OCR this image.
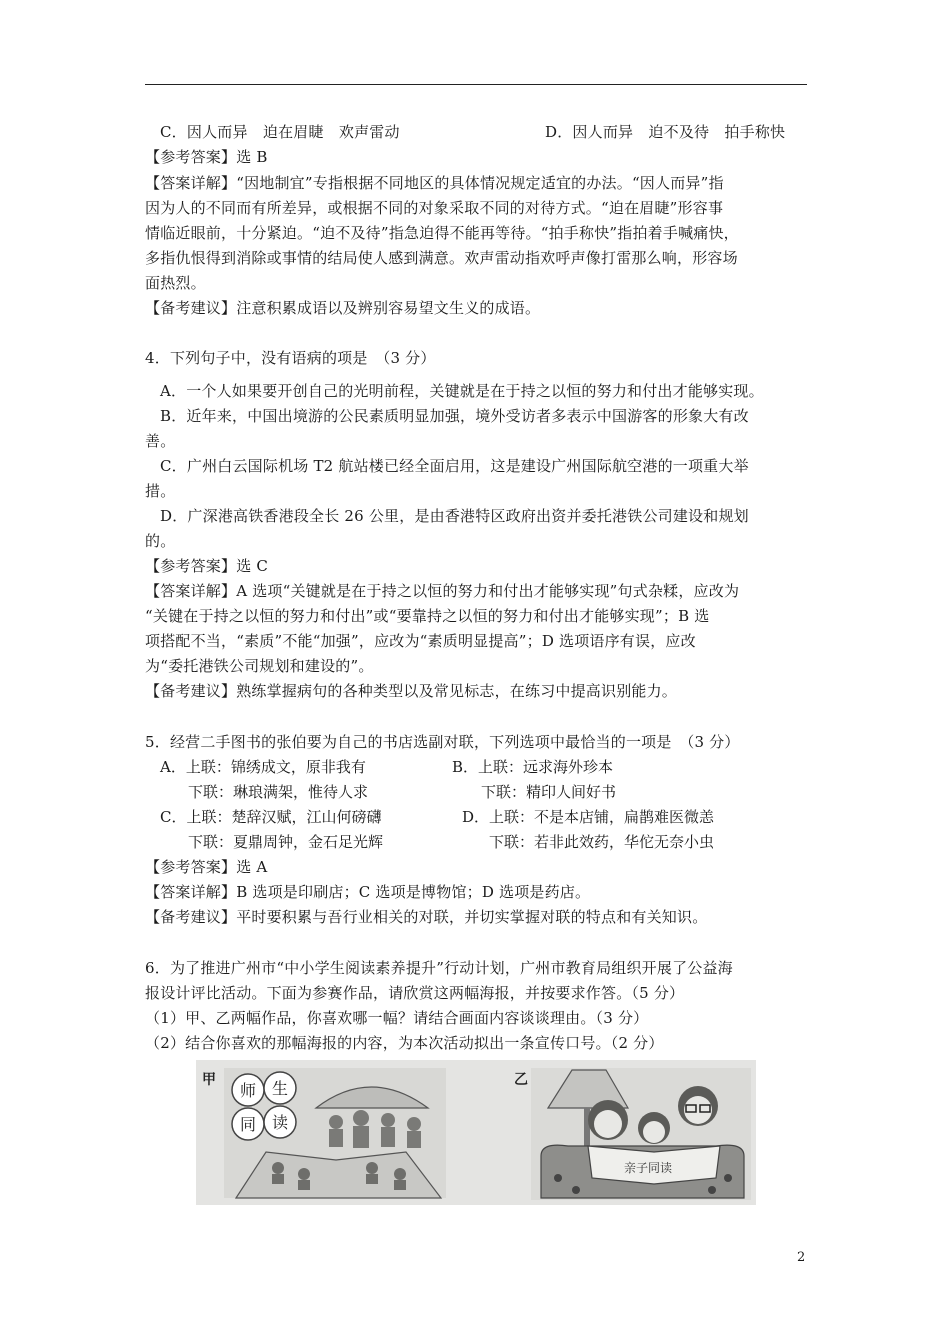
C．因人而异　迫在眉睫　欢声雷动	D．因人而异　迫不及待　拍手称快
【参考答案】选 B
【答案详解】“因地制宜”专指根据不同地区的具体情况规定适宜的办法。“因人而异”指
因为人的不同而有所差异，或根据不同的对象采取不同的对待方式。“迫在眉睫”形容事
情临近眼前，十分紧迫。“迫不及待”指急迫得不能再等待。“拍手称快”指拍着手喊痛快，
多指仇恨得到消除或事情的结局使人感到满意。欢声雷动指欢呼声像打雷那么响，形容场
面热烈。
【备考建议】注意积累成语以及辨别容易望文生义的成语。
4．下列句子中，没有语病的项是　（3 分）
A．一个人如果要开创自己的光明前程，关键就是在于持之以恒的努力和付出才能够实现。
B．近年来，中国出境游的公民素质明显加强，境外受访者多表示中国游客的形象大有改
善。
C．广州白云国际机场 T2 航站楼已经全面启用，这是建设广州国际航空港的一项重大举
措。
D．广深港高铁香港段全长 26 公里，是由香港特区政府出资并委托港铁公司建设和规划
的。
【参考答案】选 C
【答案详解】A 选项“关键就是在于持之以恒的努力和付出才能够实现”句式杂糅，应改为
“关键在于持之以恒的努力和付出”或“要靠持之以恒的努力和付出才能够实现”；B 选
项搭配不当，“素质”不能“加强”，应改为“素质明显提高”；D 选项语序有误，应改
为“委托港铁公司规划和建设的”。
【备考建议】熟练掌握病句的各种类型以及常见标志，在练习中提高识别能力。
5．经营二手图书的张伯要为自己的书店选副对联，下列选项中最恰当的一项是　（3 分）
A．上联：锦绣成文，原非我有	B．上联：远求海外珍本
下联：琳琅满架，惟待人求	下联：精印人间好书
C．上联：楚辞汉赋，江山何磅礴	D．上联：不是本店铺，扁鹊难医微恙
下联：夏鼎周钟，金石足光辉	下联：若非此效药，华佗无奈小虫
【参考答案】选 A
【答案详解】B 选项是印刷店；C 选项是博物馆；D 选项是药店。
【备考建议】平时要积累与吾行业相关的对联，并切实掌握对联的特点和有关知识。
6．为了推进广州市“中小学生阅读素养提升”行动计划，广州市教育局组织开展了公益海
报设计评比活动。下面为参赛作品，请欣赏这两幅海报，并按要求作答。（5 分）
（1）甲、乙两幅作品，你喜欢哪一幅？请结合画面内容谈谈理由。（3 分）
（2）结合你喜欢的那幅海报的内容，为本次活动拟出一条宣传口号。（2 分）
甲
师 生
同 读
乙
亲子同读
2
